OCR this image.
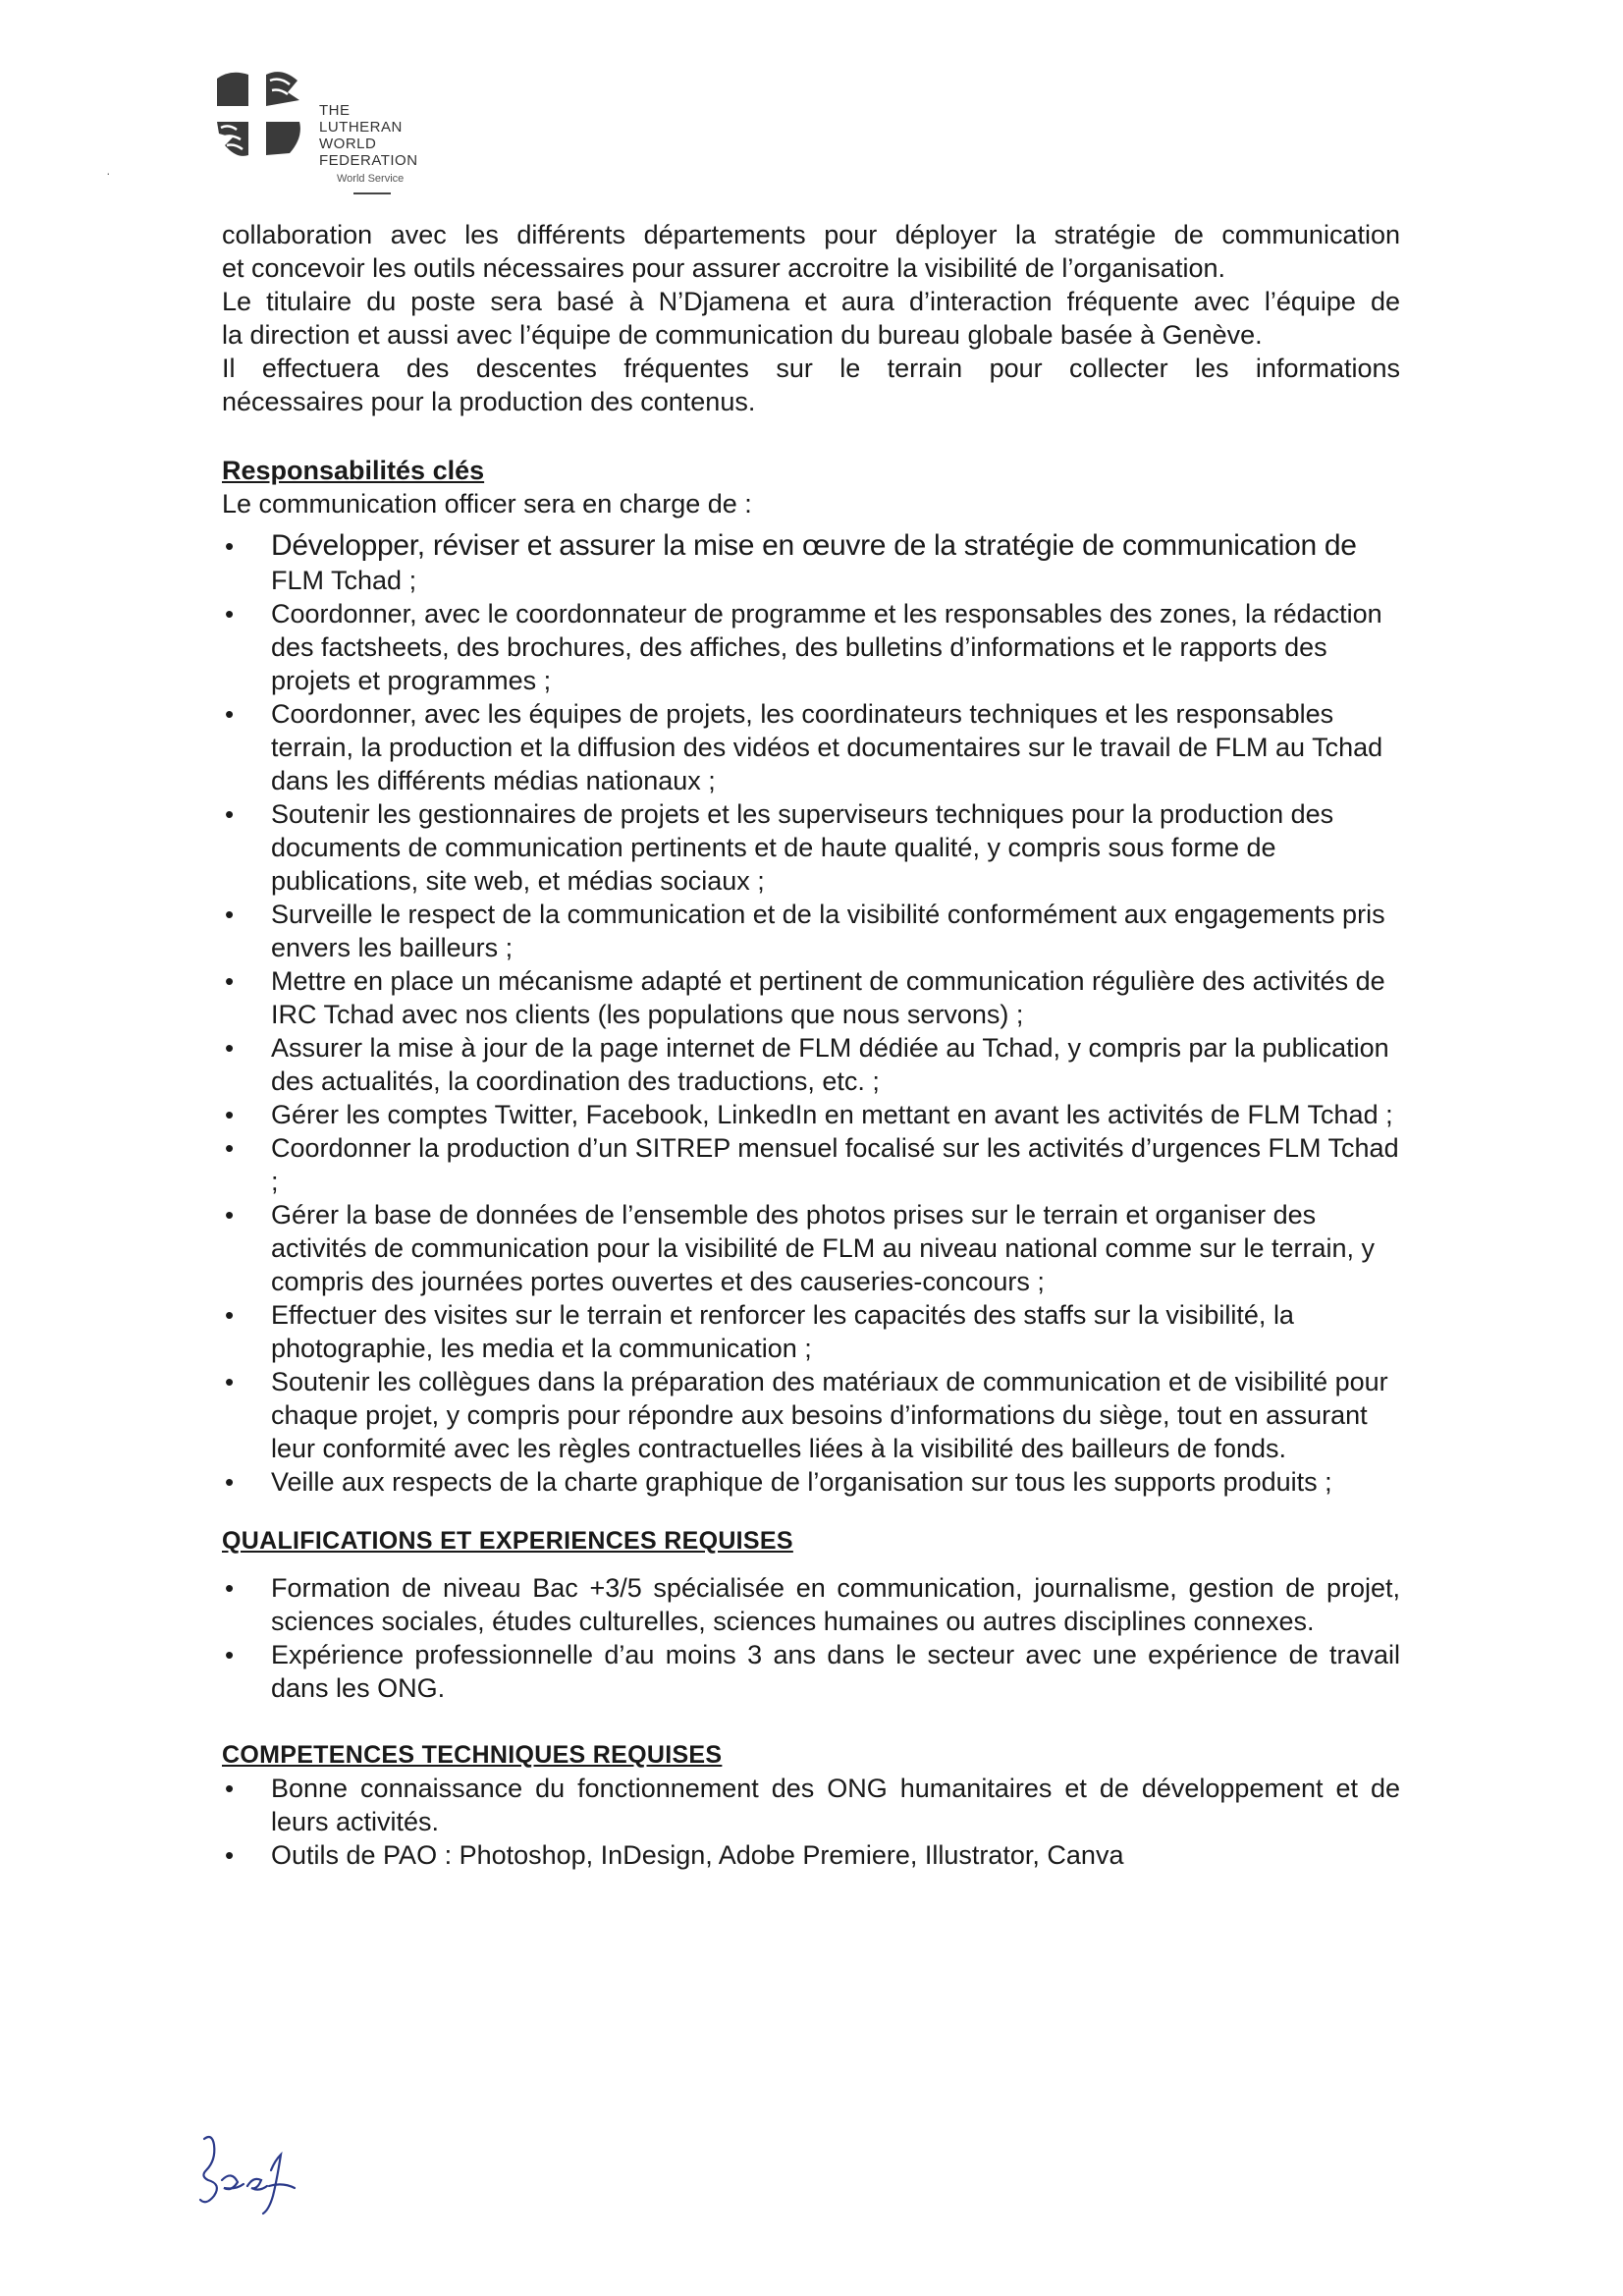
THE
LUTHERAN
WORLD
FEDERATION
World Service
·

collaboration avec les différents départements pour déployer la stratégie de communication

et concevoir les outils nécessaires pour assurer accroitre la visibilité de l’organisation.

Le titulaire du poste sera basé à N’Djamena et aura d’interaction fréquente avec l’équipe de

la direction et aussi avec l’équipe de communication du bureau globale basée à Genève.

Il effectuera des descentes fréquentes sur le terrain pour collecter les informations

nécessaires pour la production des contenus.

Responsabilités clés

Le communication officer sera en charge de :

• Développer, réviser et assurer la mise en œuvre de la stratégie de communication de
FLM Tchad ;
• Coordonner, avec le coordonnateur de programme et les responsables des zones, la rédaction des factsheets, des brochures, des affiches, des bulletins d’informations et le rapports des projets et programmes ;
• Coordonner, avec les équipes de projets, les coordinateurs techniques et les responsables terrain, la production et la diffusion des vidéos et documentaires sur le travail de FLM au Tchad dans les différents médias nationaux ;
• Soutenir les gestionnaires de projets et les superviseurs techniques pour la production des documents de communication pertinents et de haute qualité, y compris sous forme de publications, site web, et médias sociaux ;
• Surveille le respect de la communication et de la visibilité conformément aux engagements pris envers les bailleurs ;
• Mettre en place un mécanisme adapté et pertinent de communication régulière des activités de IRC Tchad avec nos clients (les populations que nous servons) ;
• Assurer la mise à jour de la page internet de FLM dédiée au Tchad, y compris par la publication des actualités, la coordination des traductions, etc. ;
• Gérer les comptes Twitter, Facebook, LinkedIn en mettant en avant les activités de FLM Tchad ;
• Coordonner la production d’un SITREP mensuel focalisé sur les activités d’urgences FLM Tchad ;
• Gérer la base de données de l’ensemble des photos prises sur le terrain et organiser des activités de communication pour la visibilité de FLM au niveau national comme sur le terrain, y compris des journées portes ouvertes et des causeries-concours ;
• Effectuer des visites sur le terrain et renforcer les capacités des staffs sur la visibilité, la photographie, les media et la communication ;
• Soutenir les collègues dans la préparation des matériaux de communication et de visibilité pour chaque projet, y compris pour répondre aux besoins d’informations du siège, tout en assurant leur conformité avec les règles contractuelles liées à la visibilité des bailleurs de fonds.
• Veille aux respects de la charte graphique de l’organisation sur tous les supports produits ;

QUALIFICATIONS ET EXPERIENCES REQUISES

• Formation de niveau Bac +3/5 spécialisée en communication, journalisme, gestion de projet, sciences sociales, études culturelles, sciences humaines ou autres disciplines connexes.
• Expérience professionnelle d’au moins 3 ans dans le secteur avec une expérience de travail dans les ONG.

COMPETENCES TECHNIQUES REQUISES

• Bonne connaissance du fonctionnement des ONG humanitaires et de développement et de leurs activités.
• Outils de PAO : Photoshop, InDesign, Adobe Premiere, Illustrator, Canva
